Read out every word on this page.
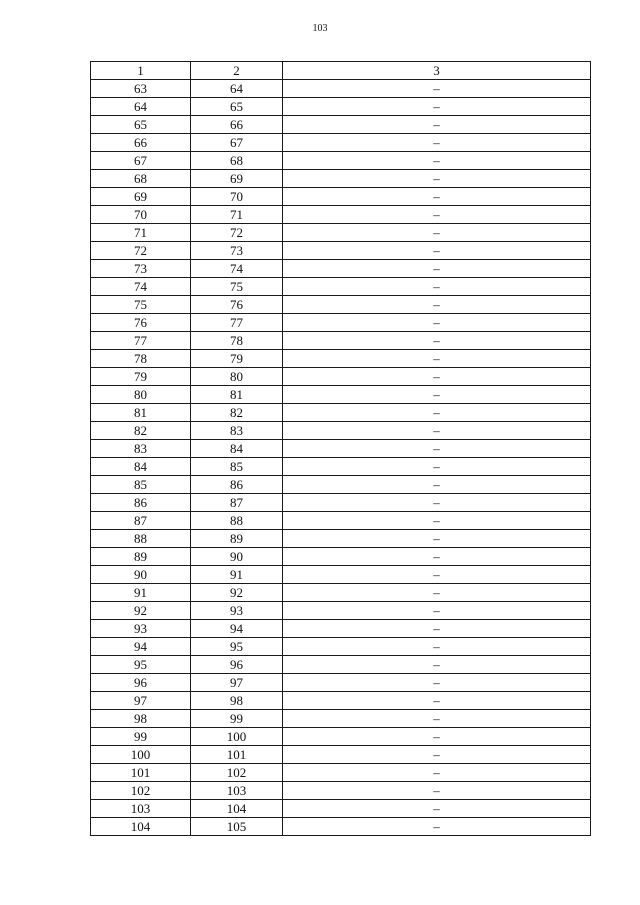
103
1	2	3
63	64	–
64	65	–
65	66	–
66	67	–
67	68	–
68	69	–
69	70	–
70	71	–
71	72	–
72	73	–
73	74	–
74	75	–
75	76	–
76	77	–
77	78	–
78	79	–
79	80	–
80	81	–
81	82	–
82	83	–
83	84	–
84	85	–
85	86	–
86	87	–
87	88	–
88	89	–
89	90	–
90	91	–
91	92	–
92	93	–
93	94	–
94	95	–
95	96	–
96	97	–
97	98	–
98	99	–
99	100	–
100	101	–
101	102	–
102	103	–
103	104	–
104	105	–
